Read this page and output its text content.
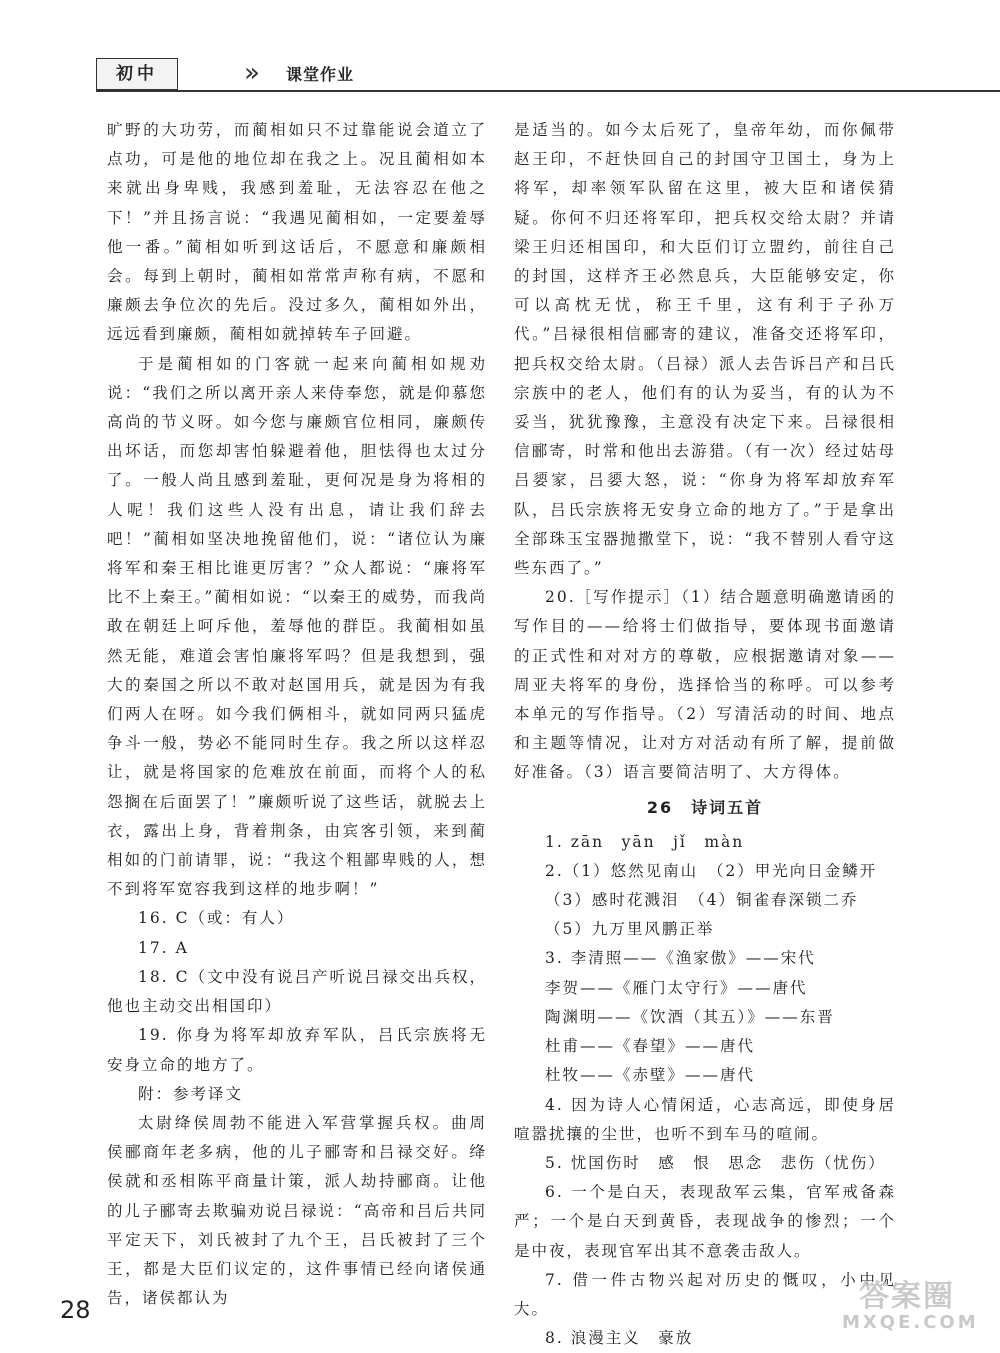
初中	» 课堂作业

旷野的大功劳，而蔺相如只不过靠能说会道立了点功，可是他的地位却在我之上。况且蔺相如本来就出身卑贱，我感到羞耻，无法容忍在他之下！”并且扬言说：“我遇见蔺相如，一定要羞辱他一番。”蔺相如听到这话后，不愿意和廉颇相会。每到上朝时，蔺相如常常声称有病，不愿和廉颇去争位次的先后。没过多久，蔺相如外出，远远看到廉颇，蔺相如就掉转车子回避。

于是蔺相如的门客就一起来向蔺相如规劝说：“我们之所以离开亲人来侍奉您，就是仰慕您高尚的节义呀。如今您与廉颇官位相同，廉颇传出坏话，而您却害怕躲避着他，胆怯得也太过分了。一般人尚且感到羞耻，更何况是身为将相的人呢！我们这些人没有出息，请让我们辞去吧！”蔺相如坚决地挽留他们，说：“诸位认为廉将军和秦王相比谁更厉害？”众人都说：“廉将军比不上秦王。”蔺相如说：“以秦王的威势，而我尚敢在朝廷上呵斥他，羞辱他的群臣。我蔺相如虽然无能，难道会害怕廉将军吗？但是我想到，强大的秦国之所以不敢对赵国用兵，就是因为有我们两人在呀。如今我们俩相斗，就如同两只猛虎争斗一般，势必不能同时生存。我之所以这样忍让，就是将国家的危难放在前面，而将个人的私怨搁在后面罢了！”廉颇听说了这些话，就脱去上衣，露出上身，背着荆条，由宾客引领，来到蔺相如的门前请罪，说：“我这个粗鄙卑贱的人，想不到将军宽容我到这样的地步啊！”

16. C（或：有人）

17. A

18. C（文中没有说吕产听说吕禄交出兵权，他也主动交出相国印）

19. 你身为将军却放弃军队，吕氏宗族将无安身立命的地方了。

附：参考译文

太尉绛侯周勃不能进入军营掌握兵权。曲周侯郦商年老多病，他的儿子郦寄和吕禄交好。绛侯就和丞相陈平商量计策，派人劫持郦商。让他的儿子郦寄去欺骗劝说吕禄说：“高帝和吕后共同平定天下，刘氏被封了九个王，吕氏被封了三个王，都是大臣们议定的，这件事情已经向诸侯通告，诸侯都认为

是适当的。如今太后死了，皇帝年幼，而你佩带赵王印，不赶快回自己的封国守卫国土，身为上将军，却率领军队留在这里，被大臣和诸侯猜疑。你何不归还将军印，把兵权交给太尉？并请梁王归还相国印，和大臣们订立盟约，前往自己的封国，这样齐王必然息兵，大臣能够安定，你可以高枕无忧，称王千里，这有利于子孙万代。”吕禄很相信郦寄的建议，准备交还将军印，把兵权交给太尉。（吕禄）派人去告诉吕产和吕氏宗族中的老人，他们有的认为妥当，有的认为不妥当，犹犹豫豫，主意没有决定下来。吕禄很相信郦寄，时常和他出去游猎。（有一次）经过姑母吕媭家，吕媭大怒，说：“你身为将军却放弃军队，吕氏宗族将无安身立命的地方了。”于是拿出全部珠玉宝器抛撒堂下，说：“我不替别人看守这些东西了。”

20.［写作提示］（1）结合题意明确邀请函的写作目的——给将士们做指导，要体现书面邀请的正式性和对对方的尊敬，应根据邀请对象——周亚夫将军的身份，选择恰当的称呼。可以参考本单元的写作指导。（2）写清活动的时间、地点和主题等情况，让对方对活动有所了解，提前做好准备。（3）语言要简洁明了、大方得体。

26　诗词五首

1. zān　yān　jǐ　màn

2.（1）悠然见南山　（2）甲光向日金鳞开

（3）感时花溅泪　（4）铜雀春深锁二乔

（5）九万里风鹏正举

3. 李清照——《渔家傲》——宋代

李贺——《雁门太守行》——唐代

陶渊明——《饮酒（其五）》——东晋

杜甫——《春望》——唐代

杜牧——《赤壁》——唐代

4. 因为诗人心情闲适，心志高远，即使身居喧嚣扰攘的尘世，也听不到车马的喧闹。

5. 忧国伤时　感　恨　思念　悲伤（忧伤）

6. 一个是白天，表现敌军云集，官军戒备森严；一个是白天到黄昏，表现战争的惨烈；一个是中夜，表现官军出其不意袭击敌人。

7. 借一件古物兴起对历史的慨叹，小中见大。

8. 浪漫主义　豪放

28	答案圈
MXQE.COM
